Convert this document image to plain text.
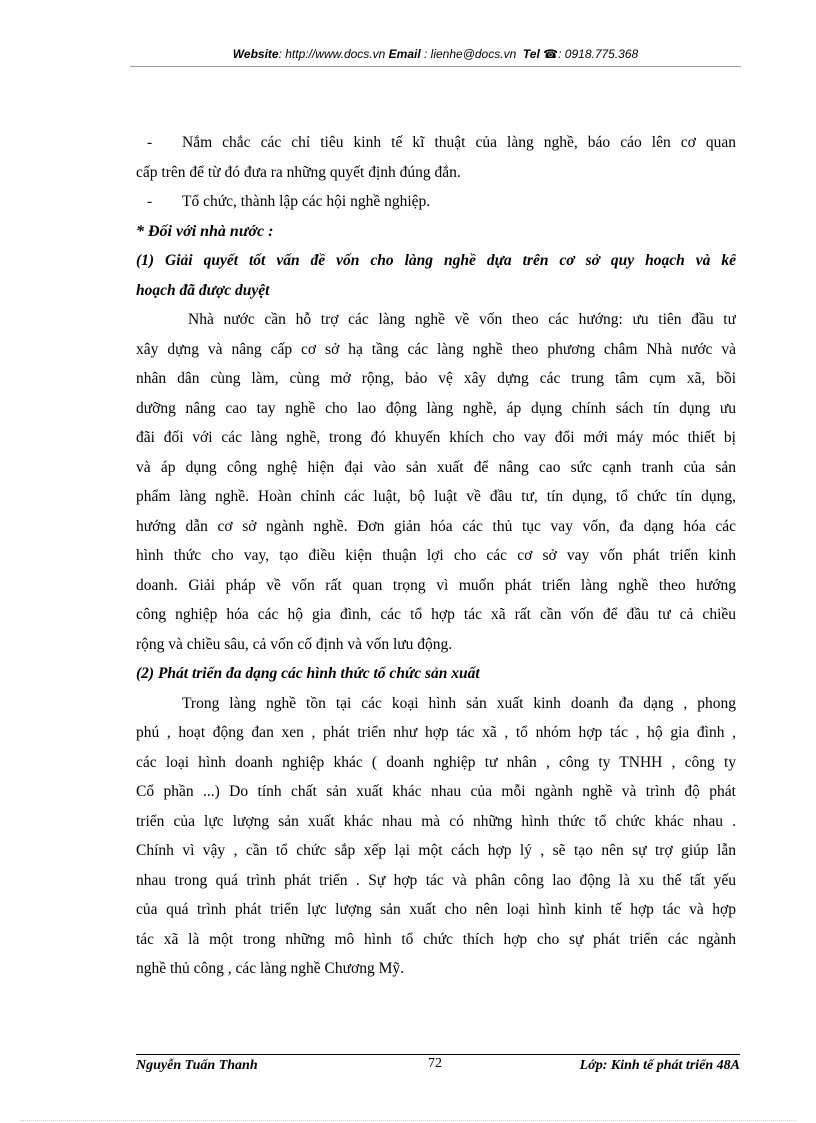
Website: http://www.docs.vn Email : lienhe@docs.vn Tel ☎: 0918.775.368
- Nắm chắc các chỉ tiêu kinh tế kĩ thuật của làng nghề, báo cáo lên cơ quan
cấp trên để từ đó đưa ra những quyết định đúng đắn.
- Tổ chức, thành lập các hội nghề nghiệp.
* Đối với nhà nước :
(1) Giải quyết tốt vấn đề vốn cho làng nghề dựa trên cơ sở quy hoạch và kế
hoạch đã được duyệt
Nhà nước cần hỗ trợ các làng nghề về vốn theo các hướng: ưu tiên đầu tư
xây dựng và nâng cấp cơ sở hạ tầng các làng nghề theo phương châm Nhà nước và
nhân dân cùng làm, cùng mở rộng, bảo vệ xây dựng các trung tâm cụm xã, bồi
dưỡng nâng cao tay nghề cho lao động làng nghề, áp dụng chính sách tín dụng ưu
đãi đối với các làng nghề, trong đó khuyến khích cho vay đổi mới máy móc thiết bị
và áp dụng công nghệ hiện đại vào sản xuất để nâng cao sức cạnh tranh của sản
phẩm làng nghề. Hoàn chỉnh các luật, bộ luật về đầu tư, tín dụng, tổ chức tín dụng,
hướng dẫn cơ sở ngành nghề. Đơn giản hóa các thủ tục vay vốn, đa dạng hóa các
hình thức cho vay, tạo điều kiện thuận lợi cho các cơ sở vay vốn phát triển kinh
doanh. Giải pháp về vốn rất quan trọng vì muốn phát triển làng nghề theo hướng
công nghiệp hóa các hộ gia đình, các tổ hợp tác xã rất cần vốn để đầu tư cả chiều
rộng và chiều sâu, cả vốn cố định và vốn lưu động.
(2) Phát triển đa dạng các hình thức tổ chức sản xuất
Trong làng nghề tồn tại các koại hình sản xuất kinh doanh đa dạng , phong
phú , hoạt động đan xen , phát triển như hợp tác xã , tổ nhóm hợp tác , hộ gia đình ,
các loại hình doanh nghiệp khác ( doanh nghiệp tư nhân , công ty TNHH , công ty
Cổ phần ...) Do tính chất sản xuất khác nhau của mỗi ngành nghề và trình độ phát
triển của lực lượng sản xuất khác nhau mà có những hình thức tổ chức khác nhau .
Chính vì vậy , cần tổ chức sắp xếp lại một cách hợp lý , sẽ tạo nên sự trợ giúp lẫn
nhau trong quá trình phát triển . Sự hợp tác và phân công lao động là xu thế tất yếu
của quá trình phát triển lực lượng sản xuất cho nên loại hình kinh tế hợp tác và hợp
tác xã là một trong những mô hình tổ chức thích hợp cho sự phát triển các ngành
nghề thủ công , các làng nghề Chương Mỹ.
Nguyễn Tuấn Thanh	72	Lớp: Kinh tế phát triển 48A
